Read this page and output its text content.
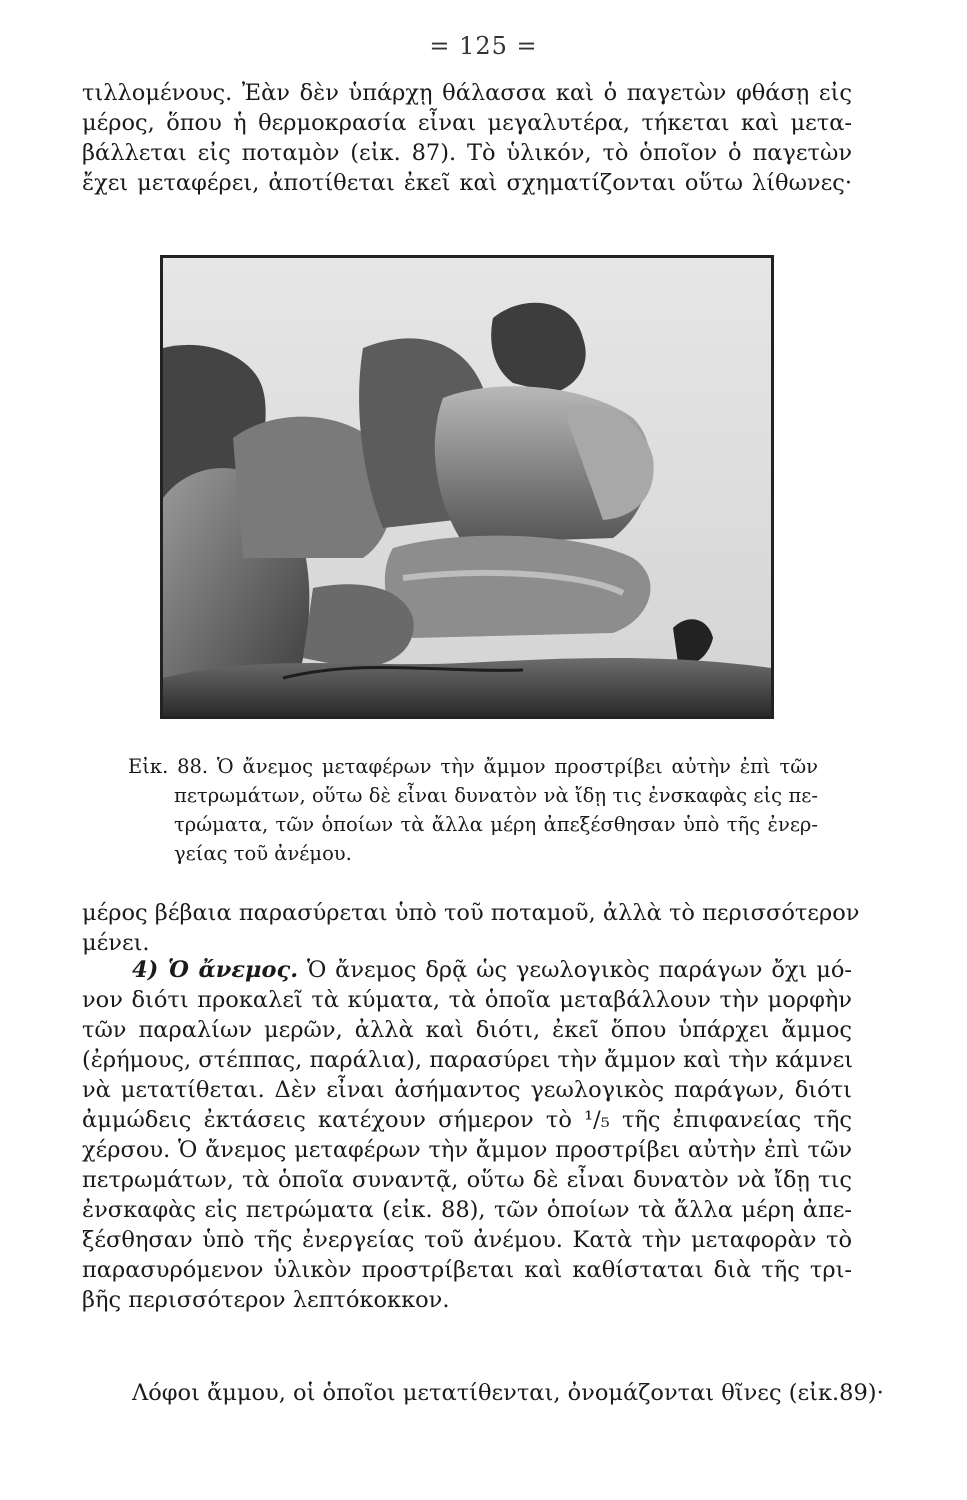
= 125 =
τιλλομένους. Ἐὰν δὲν ὑπάρχῃ θάλασσα καὶ ὁ παγετὼν φθάσῃ εἰς
μέρος, ὅπου ἡ θερμοκρασία εἶναι μεγαλυτέρα, τήκεται καὶ μετα-
βάλλεται εἰς ποταμὸν (εἰκ. 87). Τὸ ὑλικόν, τὸ ὁποῖον ὁ παγετὼν
ἔχει μεταφέρει, ἀποτίθεται ἐκεῖ καὶ σχηματίζονται οὕτω λίθωνες·
Εἰκ. 88. Ὁ ἄνεμος μεταφέρων τὴν ἄμμον προστρίβει αὐτὴν ἐπὶ τῶν
πετρωμάτων, οὕτω δὲ εἶναι δυνατὸν νὰ ἴδῃ τις ἐνσκαφὰς εἰς πε-
τρώματα, τῶν ὁποίων τὰ ἄλλα μέρη ἀπεξέσθησαν ὑπὸ τῆς ἐνερ-
γείας τοῦ ἀνέμου.
μέρος βέβαια παρασύρεται ὑπὸ τοῦ ποταμοῦ, ἀλλὰ τὸ περισσότερον
μένει.
4) Ὁ ἄνεμος. Ὁ ἄνεμος δρᾷ ὡς γεωλογικὸς παράγων ὄχι μό-
νον διότι προκαλεῖ τὰ κύματα, τὰ ὁποῖα μεταβάλλουν τὴν μορφὴν
τῶν παραλίων μερῶν, ἀλλὰ καὶ διότι, ἐκεῖ ὅπου ὑπάρχει ἄμμος
(ἐρήμους, στέππας, παράλια), παρασύρει τὴν ἄμμον καὶ τὴν κάμνει
νὰ μετατίθεται. Δὲν εἶναι ἀσήμαντος γεωλογικὸς παράγων, διότι
ἀμμώδεις ἐκτάσεις κατέχουν σήμερον τὸ ¹/₅ τῆς ἐπιφανείας τῆς
χέρσου. Ὁ ἄνεμος μεταφέρων τὴν ἄμμον προστρίβει αὐτὴν ἐπὶ τῶν
πετρωμάτων, τὰ ὁποῖα συναντᾷ, οὕτω δὲ εἶναι δυνατὸν νὰ ἴδῃ τις
ἐνσκαφὰς εἰς πετρώματα (εἰκ. 88), τῶν ὁποίων τὰ ἄλλα μέρη ἀπε-
ξέσθησαν ὑπὸ τῆς ἐνεργείας τοῦ ἀνέμου. Κατὰ τὴν μεταφορὰν τὸ
παρασυρόμενον ὑλικὸν προστρίβεται καὶ καθίσταται διὰ τῆς τρι-
βῆς περισσότερον λεπτόκοκκον.
Λόφοι ἄμμου, οἱ ὁποῖοι μετατίθενται, ὀνομάζονται θῖνες (εἰκ.89)·
